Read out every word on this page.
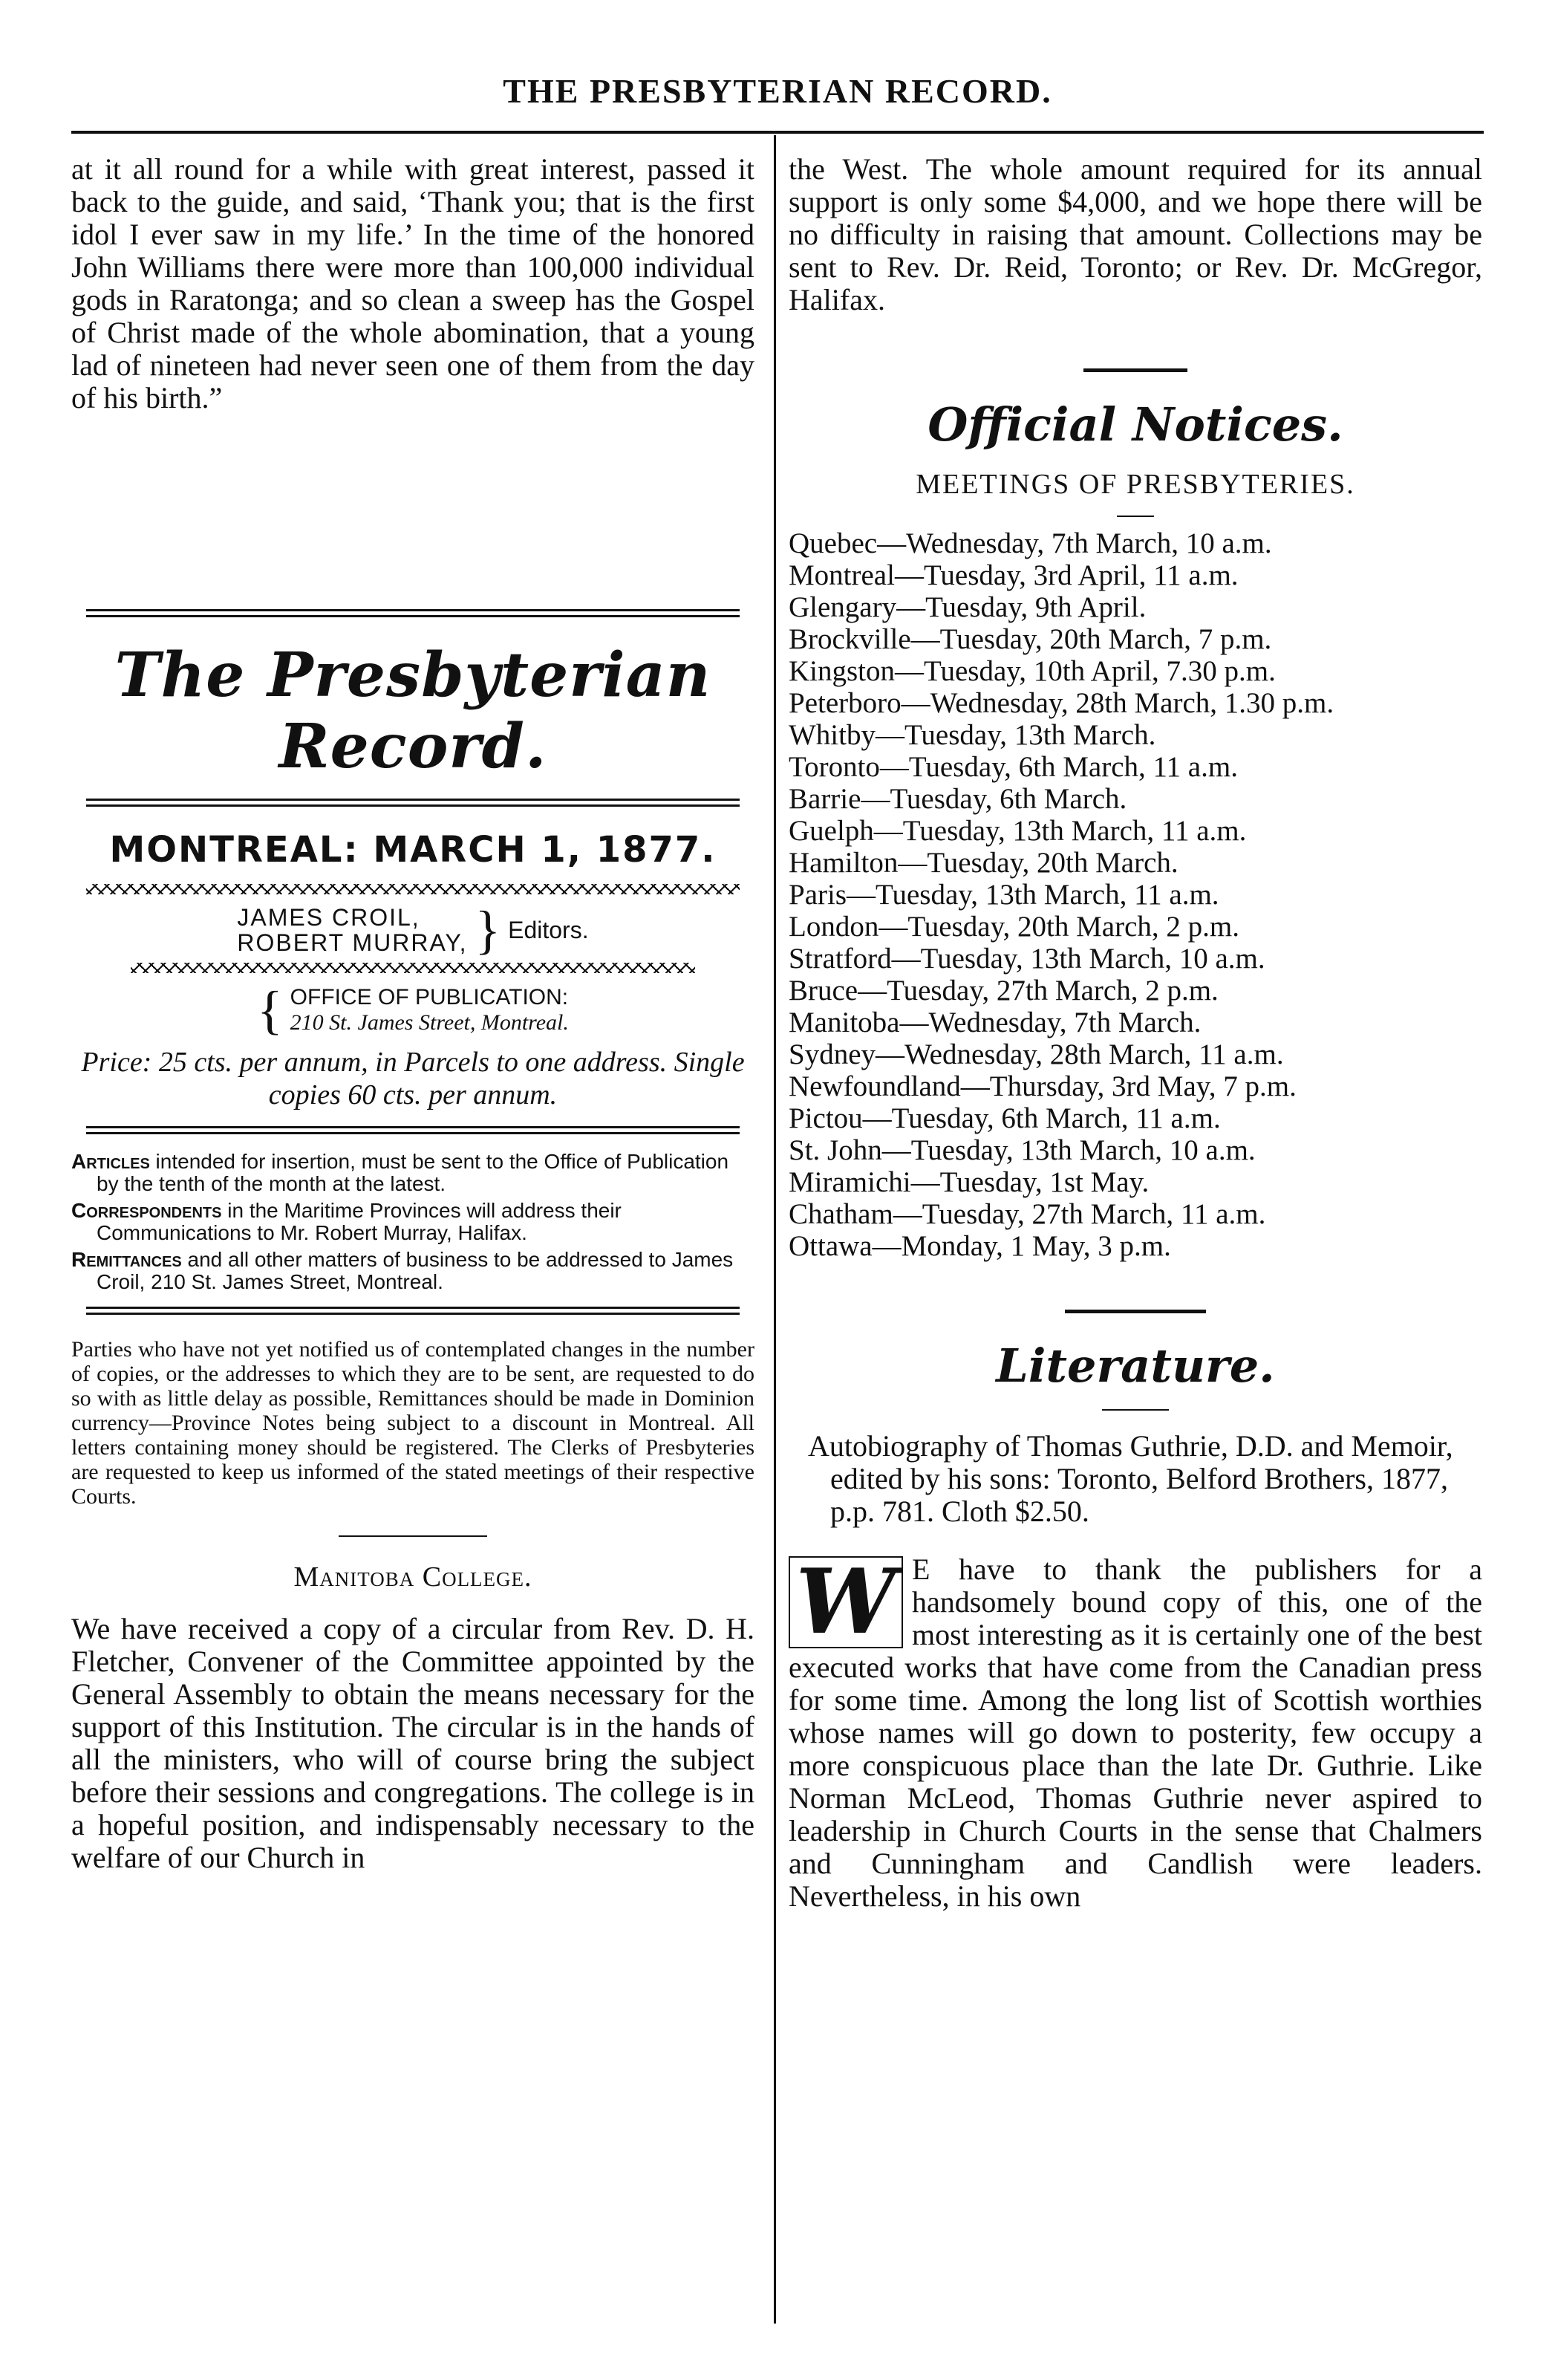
THE PRESBYTERIAN RECORD.

at it all round for a while with great interest, passed it back to the guide, and said, ‘Thank you; that is the first idol I ever saw in my life.’ In the time of the honored John Williams there were more than 100,000 individual gods in Raratonga; and so clean a sweep has the Gospel of Christ made of the whole abomination, that a young lad of nineteen had never seen one of them from the day of his birth.”

The Presbyterian Record.
MONTREAL: MARCH 1, 1877.
JAMES CROIL,
ROBERT MURRAY, } Editors.
{ OFFICE OF PUBLICATION:
210 St. James Street, Montreal.
Price: 25 cts. per annum, in Parcels to one address. Single copies 60 cts. per annum.

Articles intended for insertion, must be sent to the Office of Publication by the tenth of the month at the latest.

Correspondents in the Maritime Provinces will address their Communications to Mr. Robert Murray, Halifax.

Remittances and all other matters of business to be addressed to James Croil, 210 St. James Street, Montreal.

Parties who have not yet notified us of contemplated changes in the number of copies, or the addresses to which they are to be sent, are requested to do so with as little delay as possible, Remittances should be made in Dominion currency—Province Notes being subject to a discount in Montreal. All letters containing money should be registered. The Clerks of Presbyteries are requested to keep us informed of the stated meetings of their respective Courts.

Manitoba College.

We have received a copy of a circular from Rev. D. H. Fletcher, Convener of the Committee appointed by the General Assembly to obtain the means necessary for the support of this Institution. The circular is in the hands of all the ministers, who will of course bring the subject before their sessions and congregations. The college is in a hopeful position, and indispensably necessary to the welfare of our Church in

the West. The whole amount required for its annual support is only some $4,000, and we hope there will be no difficulty in raising that amount. Collections may be sent to Rev. Dr. Reid, Toronto; or Rev. Dr. McGregor, Halifax.

Official Notices.
MEETINGS OF PRESBYTERIES.

Quebec—Wednesday, 7th March, 10 a.m.

Montreal—Tuesday, 3rd April, 11 a.m.

Glengary—Tuesday, 9th April.

Brockville—Tuesday, 20th March, 7 p.m.

Kingston—Tuesday, 10th April, 7.30 p.m.

Peterboro—Wednesday, 28th March, 1.30 p.m.

Whitby—Tuesday, 13th March.

Toronto—Tuesday, 6th March, 11 a.m.

Barrie—Tuesday, 6th March.

Guelph—Tuesday, 13th March, 11 a.m.

Hamilton—Tuesday, 20th March.

Paris—Tuesday, 13th March, 11 a.m.

London—Tuesday, 20th March, 2 p.m.

Stratford—Tuesday, 13th March, 10 a.m.

Bruce—Tuesday, 27th March, 2 p.m.

Manitoba—Wednesday, 7th March.

Sydney—Wednesday, 28th March, 11 a.m.

Newfoundland—Thursday, 3rd May, 7 p.m.

Pictou—Tuesday, 6th March, 11 a.m.

St. John—Tuesday, 13th March, 10 a.m.

Miramichi—Tuesday, 1st May.

Chatham—Tuesday, 27th March, 11 a.m.

Ottawa—Monday, 1 May, 3 p.m.

Literature.

Autobiography of Thomas Guthrie, D.D. and Memoir, edited by his sons: Toronto, Belford Brothers, 1877, p.p. 781. Cloth $2.50.

W E have to thank the publishers for a handsomely bound copy of this, one of the most interesting as it is certainly one of the best executed works that have come from the Canadian press for some time. Among the long list of Scottish worthies whose names will go down to posterity, few occupy a more conspicuous place than the late Dr. Guthrie. Like Norman McLeod, Thomas Guthrie never aspired to leadership in Church Courts in the sense that Chalmers and Cunningham and Candlish were leaders. Nevertheless, in his own
